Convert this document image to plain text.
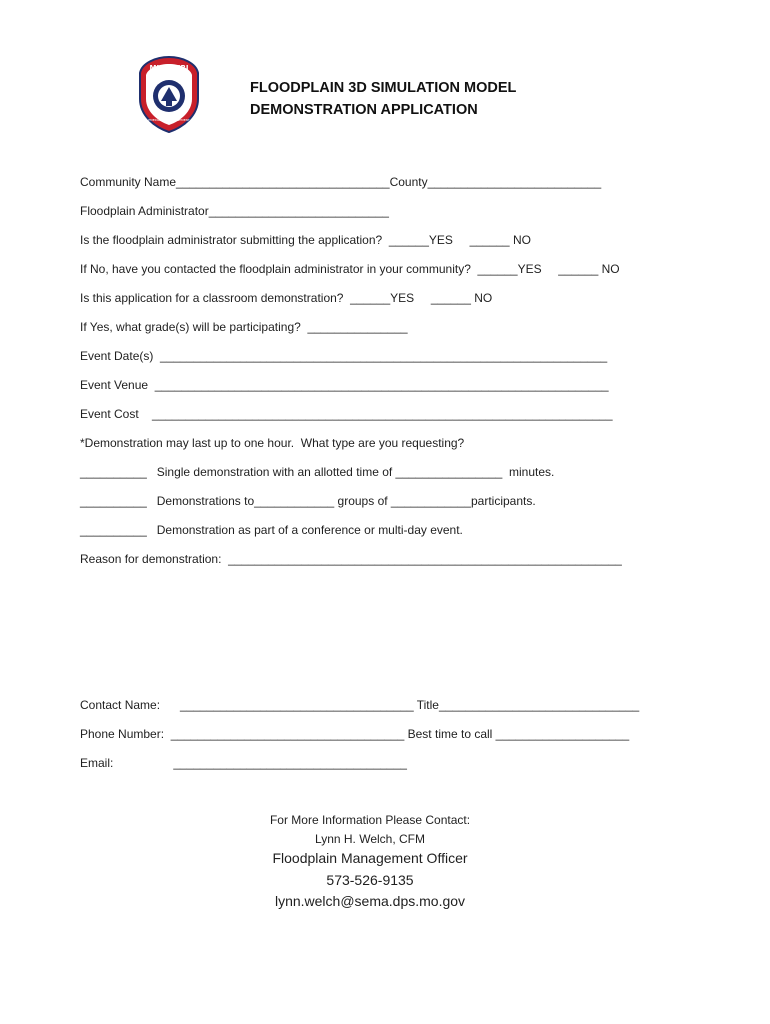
MISSOURI
EMERGENCY MANAGEMENT
FLOODPLAIN 3D SIMULATION MODEL
DEMONSTRATION APPLICATION
Community Name________________________________County__________________________
Floodplain Administrator___________________________
Is the floodplain administrator submitting the application?  ______YES     ______ NO
If No, have you contacted the floodplain administrator in your community?  ______YES     ______ NO
Is this application for a classroom demonstration?  ______YES     ______ NO
If Yes, what grade(s) will be participating?  _______________
Event Date(s)  ___________________________________________________________________
Event Venue  ____________________________________________________________________
Event Cost    _____________________________________________________________________
*Demonstration may last up to one hour.  What type are you requesting?
__________   Single demonstration with an allotted time of ________________  minutes.
__________   Demonstrations to____________ groups of ____________participants.
__________   Demonstration as part of a conference or multi-day event.
Reason for demonstration:  ___________________________________________________________
Contact Name:      ___________________________________ Title______________________________
Phone Number:  ___________________________________ Best time to call ____________________
Email:                  ___________________________________
For More Information Please Contact:
Lynn H. Welch, CFM
Floodplain Management Officer
573-526-9135
lynn.welch@sema.dps.mo.gov
